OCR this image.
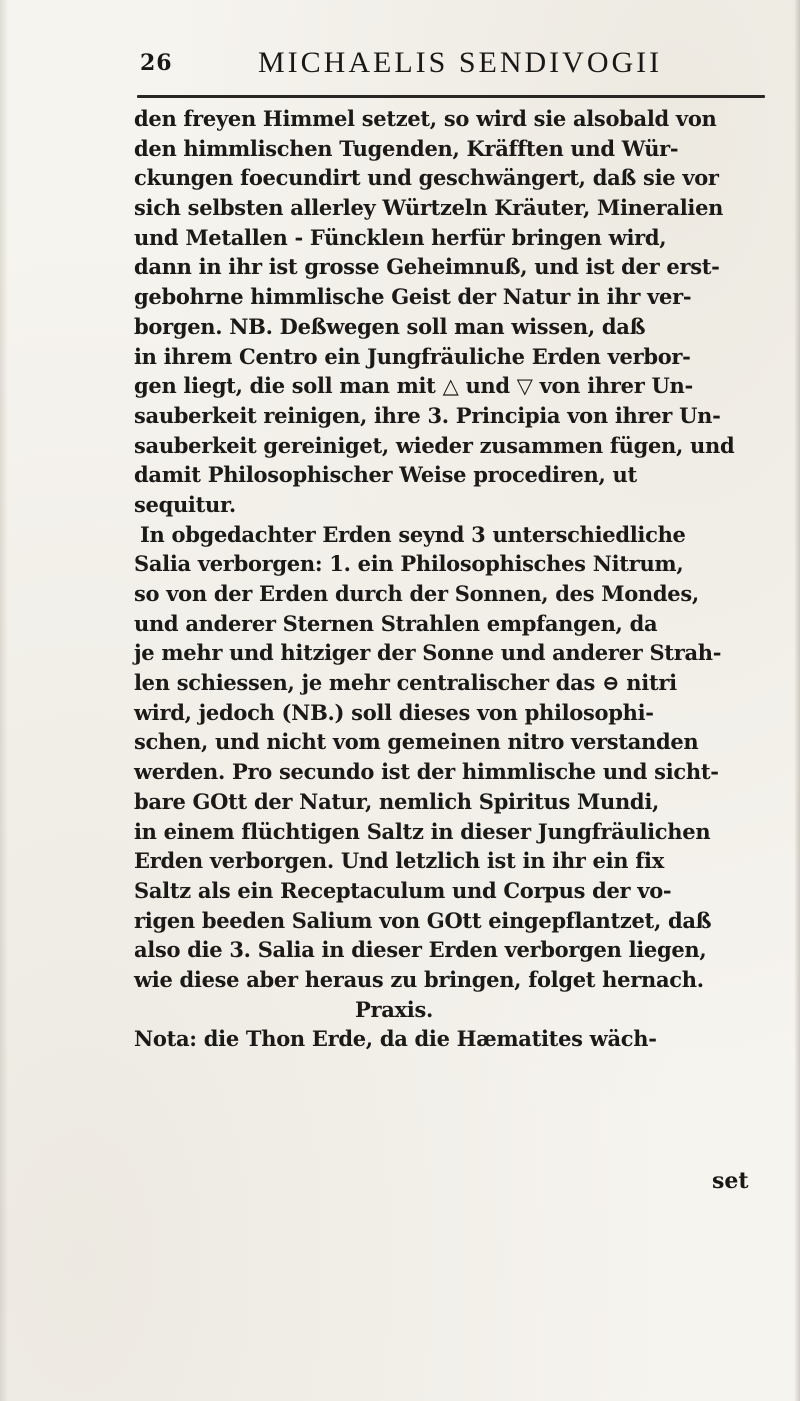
26	MICHAELIS SENDIVOGII
den freyen Himmel setzet, so wird sie alsobald von
den himmlischen Tugenden, Kräfften und Wür-
ckungen foecundirt und geschwängert, daß sie vor
sich selbsten allerley Würtzeln Kräuter, Mineralien
und Metallen - Fünckleın herfür bringen wird,
dann in ihr ist grosse Geheimnuß, und ist der erst-
gebohrne himmlische Geist der Natur in ihr ver-
borgen. NB. Deßwegen soll man wissen, daß
in ihrem Centro ein Jungfräuliche Erden verbor-
gen liegt, die soll man mit △ und ▽ von ihrer Un-
sauberkeit reinigen, ihre 3. Principia von ihrer Un-
sauberkeit gereiniget, wieder zusammen fügen, und
damit Philosophischer Weise procediren, ut
sequitur.
In obgedachter Erden seynd 3 unterschiedliche
Salia verborgen: 1. ein Philosophisches Nitrum,
so von der Erden durch der Sonnen, des Mondes,
und anderer Sternen Strahlen empfangen, da
je mehr und hitziger der Sonne und anderer Strah-
len schiessen, je mehr centralischer das ⊖ nitri
wird, jedoch (NB.) soll dieses von philosophi-
schen, und nicht vom gemeinen nitro verstanden
werden. Pro secundo ist der himmlische und sicht-
bare GOtt der Natur, nemlich Spiritus Mundi,
in einem flüchtigen Saltz in dieser Jungfräulichen
Erden verborgen. Und letzlich ist in ihr ein fix
Saltz als ein Receptaculum und Corpus der vo-
rigen beeden Salium von GOtt eingepflantzet, daß
also die 3. Salia in dieser Erden verborgen liegen,
wie diese aber heraus zu bringen, folget hernach.
Praxis.
Nota: die Thon Erde, da die Hæmatites wäch-
set
